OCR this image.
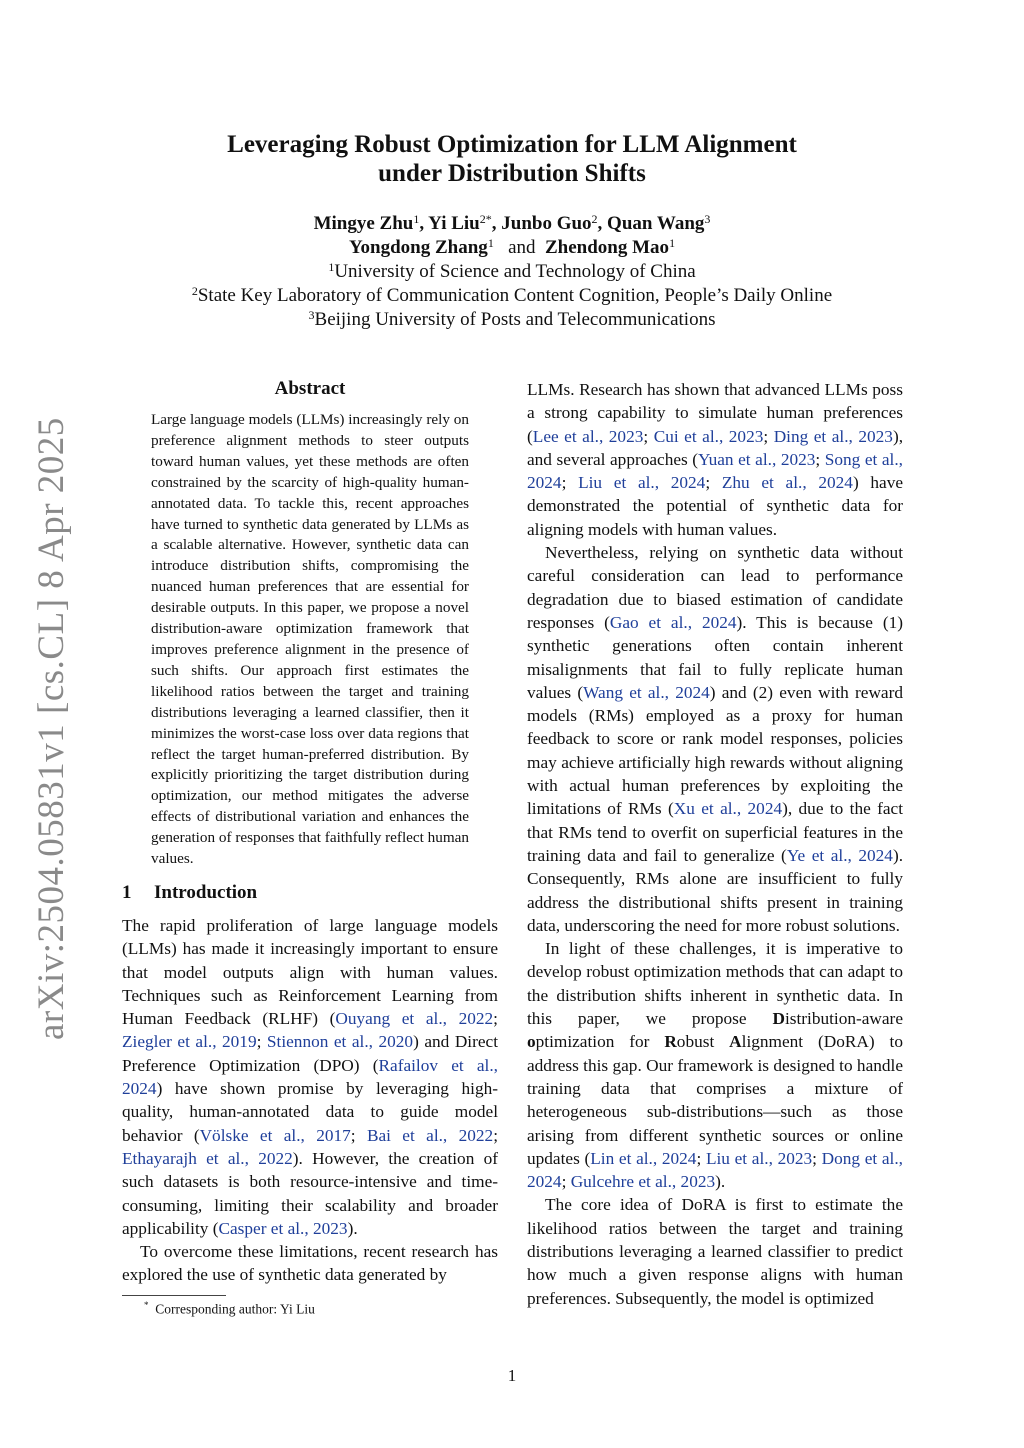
arXiv:2504.05831v1 [cs.CL] 8 Apr 2025
Leveraging Robust Optimization for LLM Alignment
under Distribution Shifts
Mingye Zhu$^1$, Yi Liu$^{2*}$, Junbo Guo$^2$, Quan Wang$^3$
Yongdong Zhang$^1$ and Zhendong Mao$^1$
$^1$University of Science and Technology of China
$^2$State Key Laboratory of Communication Content Cognition, People’s Daily Online
$^3$Beijing University of Posts and Telecommunications
Abstract
Large language models (LLMs) increasingly rely on preference alignment methods to steer outputs toward human values, yet these methods are often constrained by the scarcity of high-quality human-annotated data. To tackle this, recent approaches have turned to synthetic data generated by LLMs as a scalable alternative. However, synthetic data can introduce distribution shifts, compromising the nuanced human preferences that are essential for desirable outputs. In this paper, we propose a novel distribution-aware optimization framework that improves preference alignment in the presence of such shifts. Our approach first estimates the likelihood ratios between the target and training distributions leveraging a learned classifier, then it minimizes the worst-case loss over data regions that reflect the target human-preferred distribution. By explicitly prioritizing the target distribution during optimization, our method mitigates the adverse effects of distributional variation and enhances the generation of responses that faithfully reflect human values.
1 Introduction

The rapid proliferation of large language models (LLMs) has made it increasingly important to ensure that model outputs align with human values. Techniques such as Reinforcement Learning from Human Feedback (RLHF) (Ouyang et al., 2022; Ziegler et al., 2019; Stiennon et al., 2020) and Direct Preference Optimization (DPO) (Rafailov et al., 2024) have shown promise by leveraging high-quality, human-annotated data to guide model behavior (Völske et al., 2017; Bai et al., 2022; Ethayarajh et al., 2022). However, the creation of such datasets is both resource-intensive and time-consuming, limiting their scalability and broader applicability (Casper et al., 2023).

To overcome these limitations, recent research has explored the use of synthetic data generated by

* Corresponding author: Yi Liu

LLMs. Research has shown that advanced LLMs poss a strong capability to simulate human preferences (Lee et al., 2023; Cui et al., 2023; Ding et al., 2023), and several approaches (Yuan et al., 2023; Song et al., 2024; Liu et al., 2024; Zhu et al., 2024) have demonstrated the potential of synthetic data for aligning models with human values.

Nevertheless, relying on synthetic data without careful consideration can lead to performance degradation due to biased estimation of candidate responses (Gao et al., 2024). This is because (1) synthetic generations often contain inherent misalignments that fail to fully replicate human values (Wang et al., 2024) and (2) even with reward models (RMs) employed as a proxy for human feedback to score or rank model responses, policies may achieve artificially high rewards without aligning with actual human preferences by exploiting the limitations of RMs (Xu et al., 2024), due to the fact that RMs tend to overfit on superficial features in the training data and fail to generalize (Ye et al., 2024). Consequently, RMs alone are insufficient to fully address the distributional shifts present in training data, underscoring the need for more robust solutions.

In light of these challenges, it is imperative to develop robust optimization methods that can adapt to the distribution shifts inherent in synthetic data. In this paper, we propose Distribution-aware optimization for Robust Alignment (DoRA) to address this gap. Our framework is designed to handle training data that comprises a mixture of heterogeneous sub-distributions—such as those arising from different synthetic sources or online updates (Lin et al., 2024; Liu et al., 2023; Dong et al., 2024; Gulcehre et al., 2023).

The core idea of DoRA is first to estimate the likelihood ratios between the target and training distributions leveraging a learned classifier to predict how much a given response aligns with human preferences. Subsequently, the model is optimized

1
